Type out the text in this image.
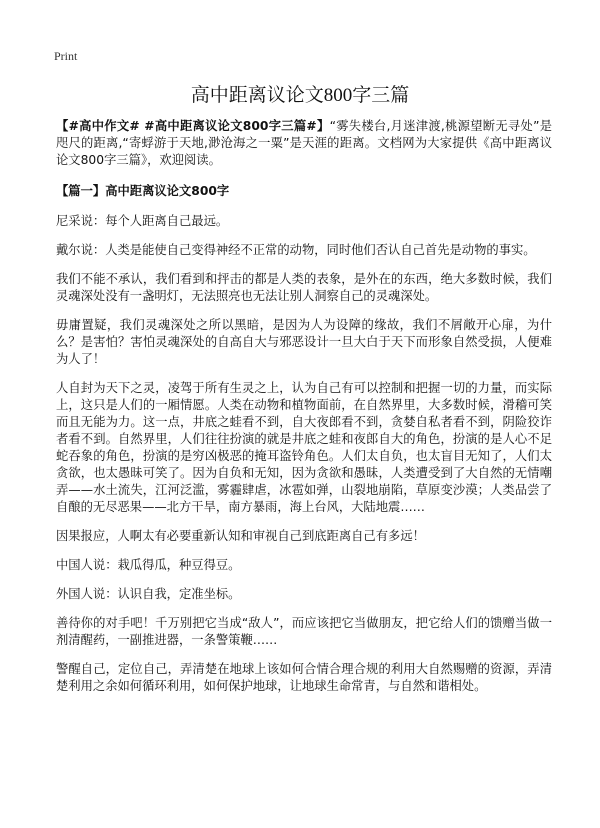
Print
高中距离议论文800字三篇

【#高中作文# #高中距离议论文800字三篇#】“雾失楼台,月迷津渡,桃源望断无寻处”是咫尺的距离,“寄蜉游于天地,渺沧海之一粟”是天涯的距离。文档网为大家提供《高中距离议论文800字三篇》，欢迎阅读。

【篇一】高中距离议论文800字

尼采说：每个人距离自己最远。

戴尔说：人类是能使自己变得神经不正常的动物，同时他们否认自己首先是动物的事实。

我们不能不承认，我们看到和抨击的都是人类的表象，是外在的东西，绝大多数时候，我们灵魂深处没有一盏明灯，无法照亮也无法让别人洞察自己的灵魂深处。

毋庸置疑，我们灵魂深处之所以黑暗，是因为人为设障的缘故，我们不屑敞开心扉，为什么？是害怕？害怕灵魂深处的自高自大与邪恶设计一旦大白于天下而形象自然受损，人便难为人了！

人自封为天下之灵，凌驾于所有生灵之上，认为自己有可以控制和把握一切的力量，而实际上，这只是人们的一厢情愿。人类在动物和植物面前，在自然界里，大多数时候，滑稽可笑而且无能为力。这一点，井底之蛙看不到，自大夜郎看不到，贪婪自私者看不到，阴险狡诈者看不到。自然界里，人们往往扮演的就是井底之蛙和夜郎自大的角色，扮演的是人心不足蛇吞象的角色，扮演的是穷凶极恶的掩耳盗铃角色。人们太自负，也太盲目无知了，人们太贪欲，也太愚昧可笑了。因为自负和无知，因为贪欲和愚昧，人类遭受到了大自然的无情嘲弄——水土流失，江河泛滥，雾霾肆虐，冰雹如弹，山裂地崩陷，草原变沙漠；人类品尝了自酿的无尽恶果——北方干旱，南方暴雨，海上台风，大陆地震……

因果报应，人啊太有必要重新认知和审视自己到底距离自己有多远！

中国人说：栽瓜得瓜，种豆得豆。

外国人说：认识自我，定准坐标。

善待你的对手吧！千万别把它当成“敌人”，而应该把它当做朋友，把它给人们的馈赠当做一剂清醒药，一副推进器，一条警策鞭……

警醒自己，定位自己，弄清楚在地球上该如何合情合理合规的利用大自然赐赠的资源，弄清楚利用之余如何循环利用，如何保护地球，让地球生命常青，与自然和谐相处。
